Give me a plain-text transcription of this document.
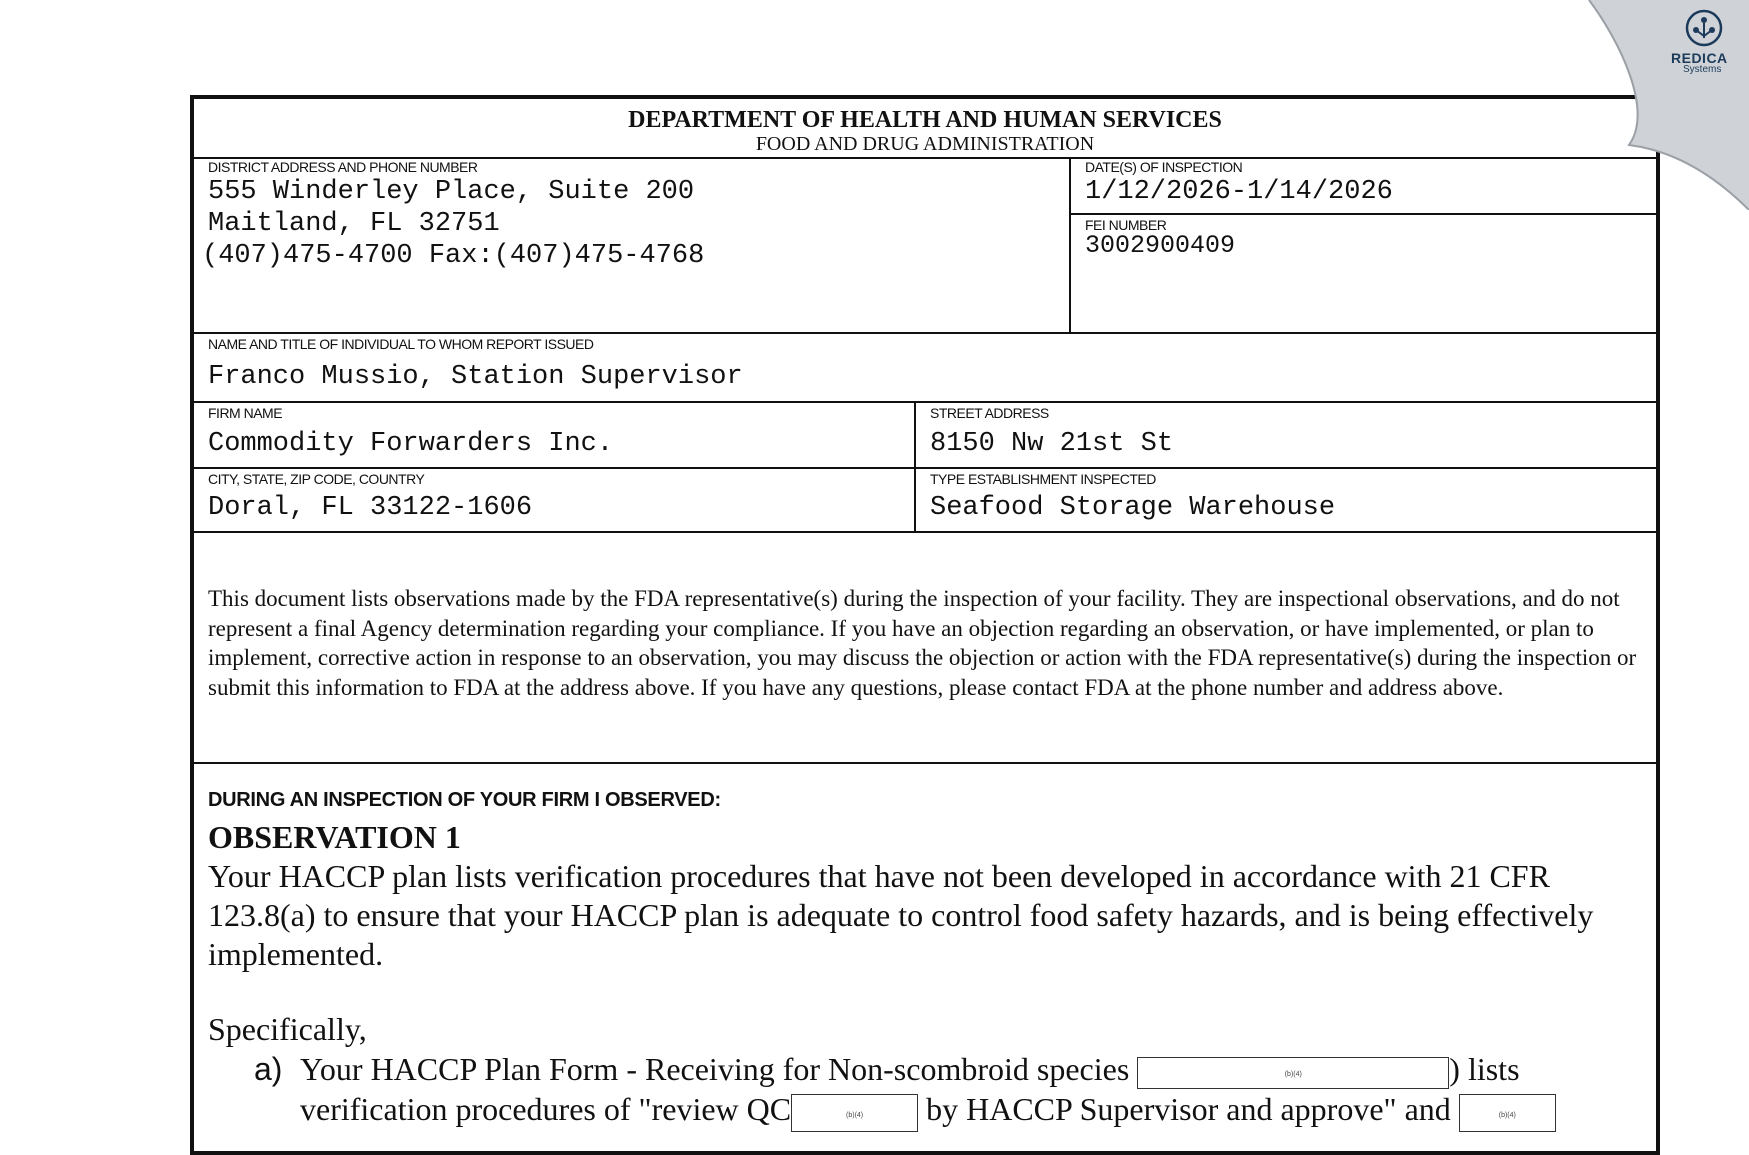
DEPARTMENT OF HEALTH AND HUMAN SERVICES
FOOD AND DRUG ADMINISTRATION
DISTRICT ADDRESS AND PHONE NUMBER
555 Winderley Place, Suite 200
Maitland, FL 32751
(407)475-4700 Fax:(407)475-4768
DATE(S) OF INSPECTION
1/12/2026-1/14/2026
FEI NUMBER
3002900409
NAME AND TITLE OF INDIVIDUAL TO WHOM REPORT ISSUED
Franco Mussio, Station Supervisor
FIRM NAME
Commodity Forwarders Inc.
STREET ADDRESS
8150 Nw 21st St
CITY, STATE, ZIP CODE, COUNTRY
Doral, FL 33122-1606
TYPE ESTABLISHMENT INSPECTED
Seafood Storage Warehouse
This document lists observations made by the FDA representative(s) during the inspection of your facility. They are inspectional observations, and do not represent a final Agency determination regarding your compliance. If you have an objection regarding an observation, or have implemented, or plan to implement, corrective action in response to an observation, you may discuss the objection or action with the FDA representative(s) during the inspection or submit this information to FDA at the address above. If you have any questions, please contact FDA at the phone number and address above.
DURING AN INSPECTION OF YOUR FIRM I OBSERVED:
OBSERVATION 1
Your HACCP plan lists verification procedures that have not been developed in accordance with 21 CFR 123.8(a) to ensure that your HACCP plan is adequate to control food safety hazards, and is being effectively implemented.
Specifically,
a) Your HACCP Plan Form - Receiving for Non-scombroid species	(b)(4)	) lists
verification procedures of "review QC	(b)(4) by HACCP Supervisor and approve" and	(b)(4)
REDICA
Systems
